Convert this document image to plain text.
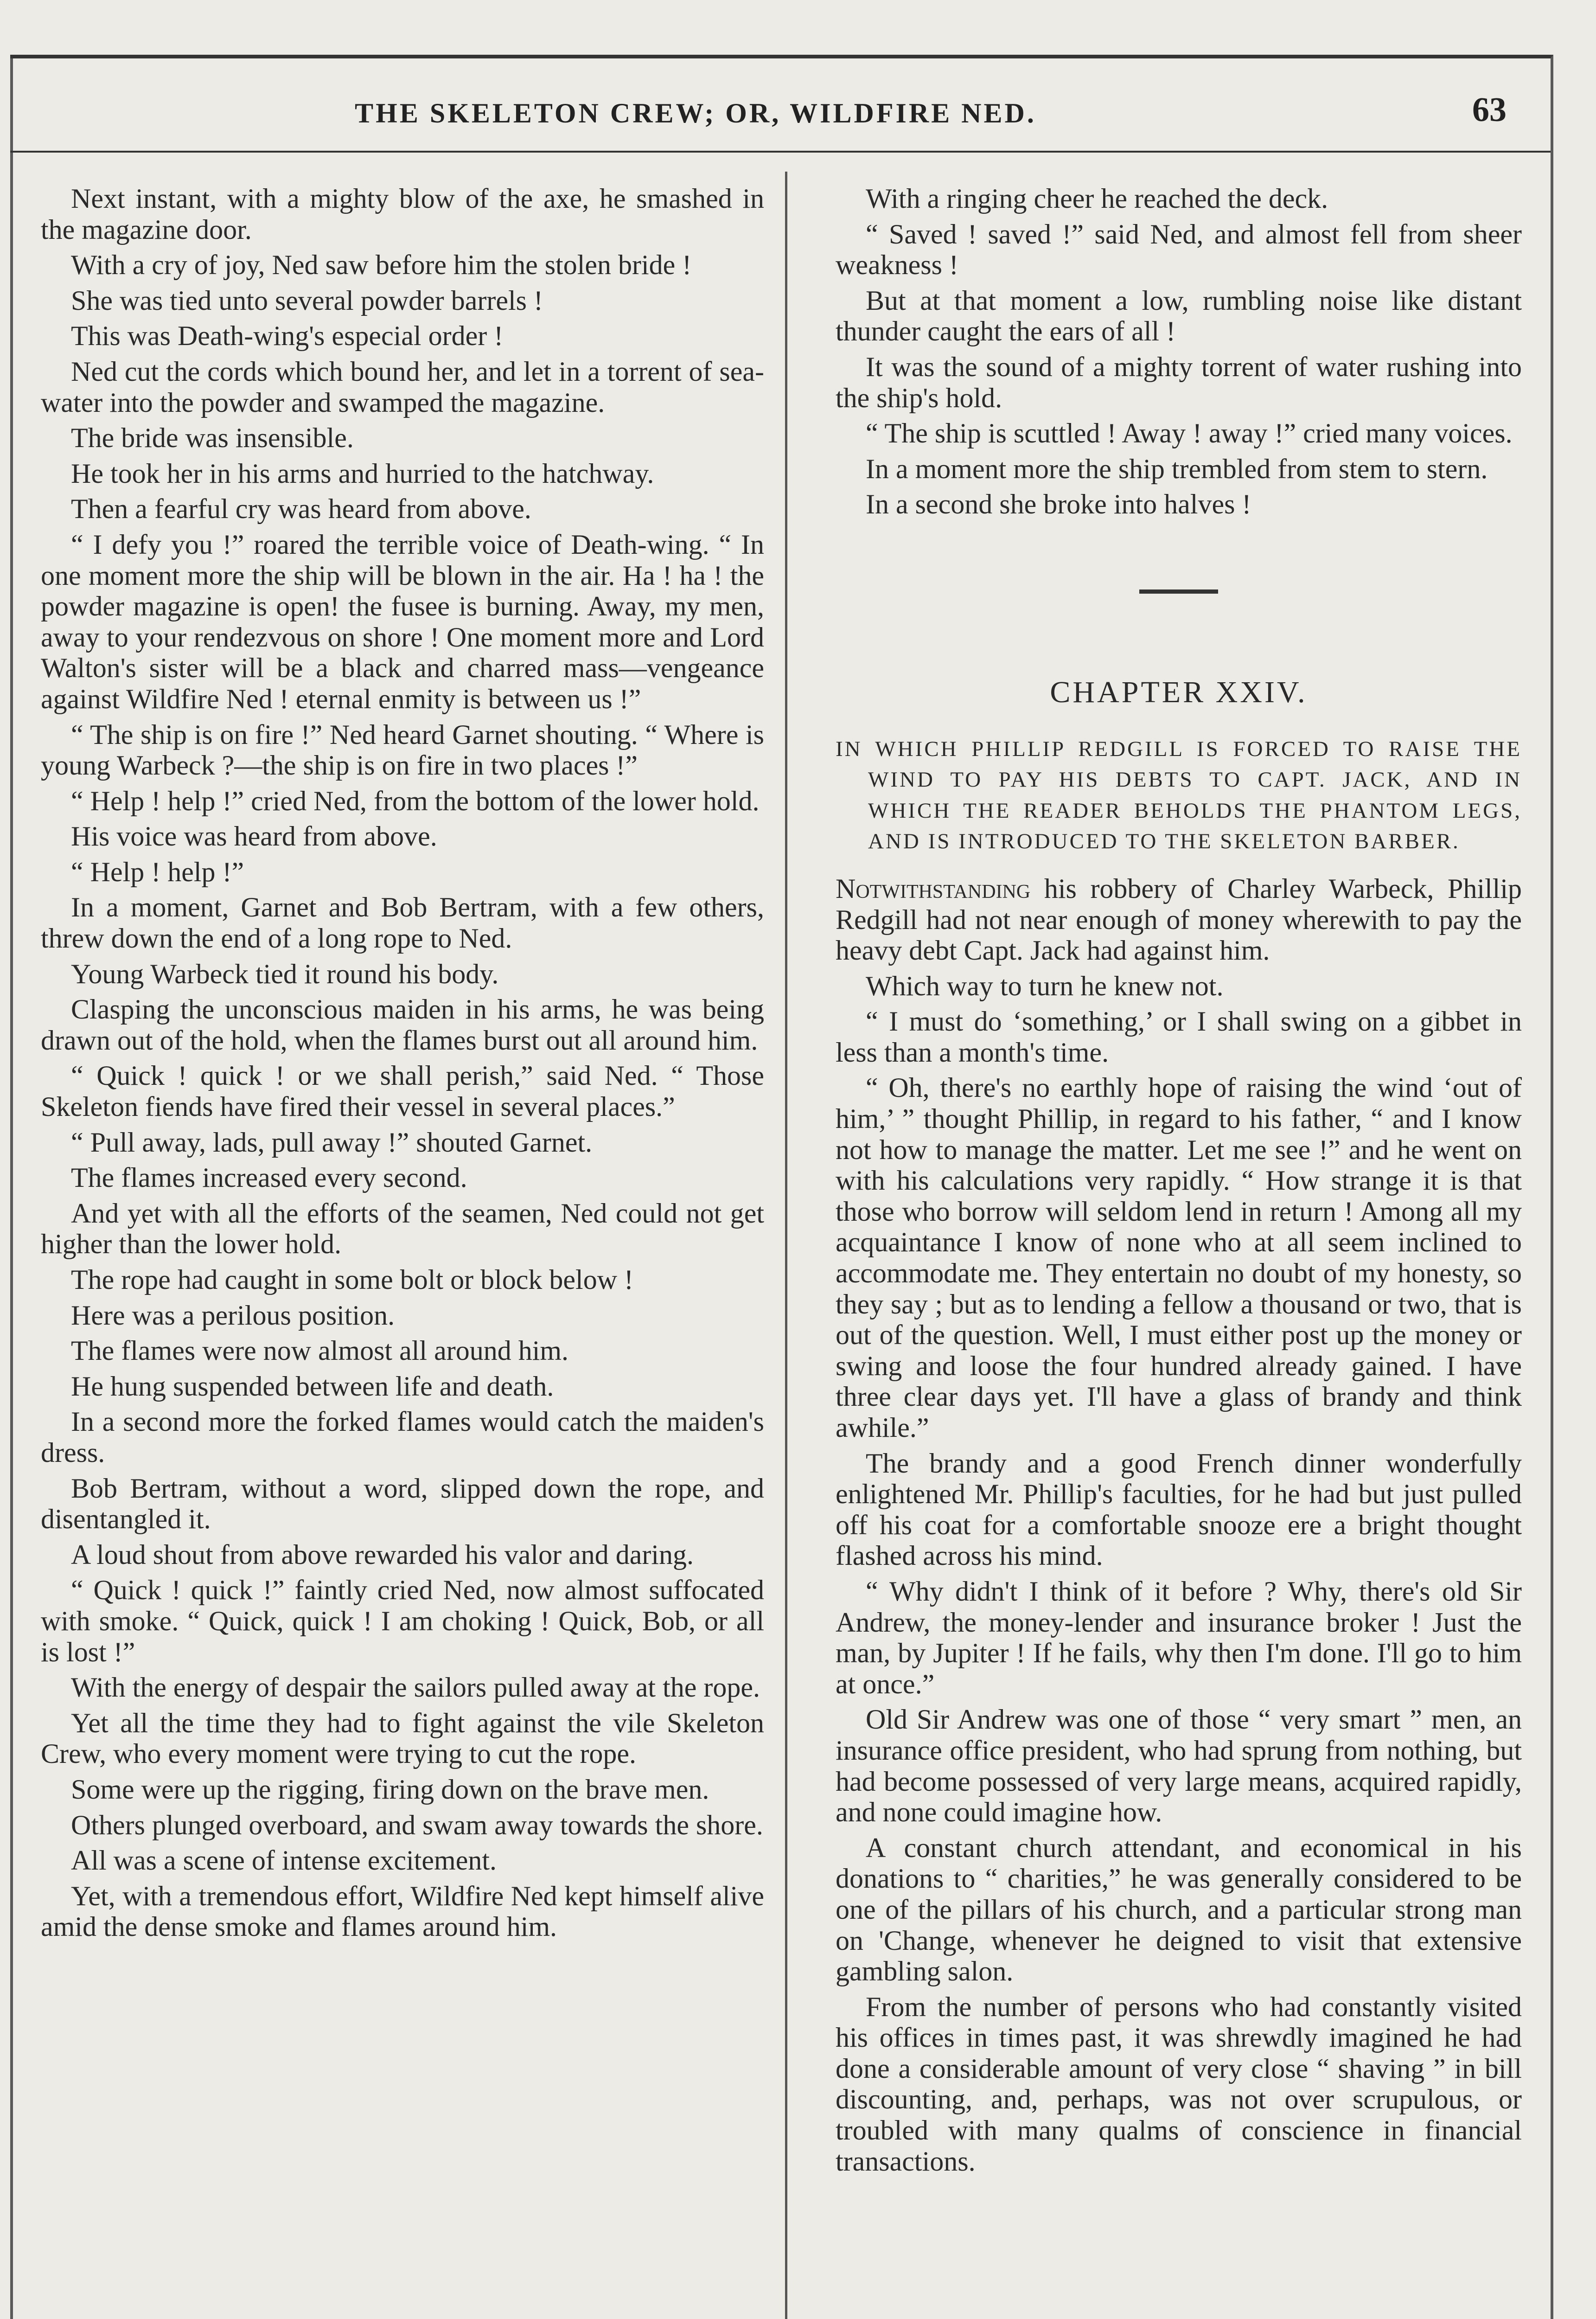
THE SKELETON CREW; OR, WILDFIRE NED.	63

Next instant, with a mighty blow of the axe, he smashed in the magazine door.

With a cry of joy, Ned saw before him the stolen bride !

She was tied unto several powder barrels !

This was Death-wing's especial order !

Ned cut the cords which bound her, and let in a torrent of sea-water into the powder and swamped the magazine.

The bride was insensible.

He took her in his arms and hurried to the hatchway.

Then a fearful cry was heard from above.

“ I defy you !” roared the terrible voice of Death-wing. “ In one moment more the ship will be blown in the air. Ha ! ha ! the powder magazine is open! the fusee is burning. Away, my men, away to your rendezvous on shore ! One moment more and Lord Walton's sister will be a black and charred mass—vengeance against Wildfire Ned ! eternal enmity is between us !”

“ The ship is on fire !” Ned heard Garnet shouting. “ Where is young Warbeck ?—the ship is on fire in two places !”

“ Help ! help !” cried Ned, from the bottom of the lower hold.

His voice was heard from above.

“ Help ! help !”

In a moment, Garnet and Bob Bertram, with a few others, threw down the end of a long rope to Ned.

Young Warbeck tied it round his body.

Clasping the unconscious maiden in his arms, he was being drawn out of the hold, when the flames burst out all around him.

“ Quick ! quick ! or we shall perish,” said Ned. “ Those Skeleton fiends have fired their vessel in several places.”

“ Pull away, lads, pull away !” shouted Garnet.

The flames increased every second.

And yet with all the efforts of the seamen, Ned could not get higher than the lower hold.

The rope had caught in some bolt or block below !

Here was a perilous position.

The flames were now almost all around him.

He hung suspended between life and death.

In a second more the forked flames would catch the maiden's dress.

Bob Bertram, without a word, slipped down the rope, and disentangled it.

A loud shout from above rewarded his valor and daring.

“ Quick ! quick !” faintly cried Ned, now almost suffocated with smoke. “ Quick, quick ! I am choking ! Quick, Bob, or all is lost !”

With the energy of despair the sailors pulled away at the rope.

Yet all the time they had to fight against the vile Skeleton Crew, who every moment were trying to cut the rope.

Some were up the rigging, firing down on the brave men.

Others plunged overboard, and swam away towards the shore.

All was a scene of intense excitement.

Yet, with a tremendous effort, Wildfire Ned kept himself alive amid the dense smoke and flames around him.

With a ringing cheer he reached the deck.

“ Saved ! saved !” said Ned, and almost fell from sheer weakness !

But at that moment a low, rumbling noise like distant thunder caught the ears of all !

It was the sound of a mighty torrent of water rushing into the ship's hold.

“ The ship is scuttled ! Away ! away !” cried many voices.

In a moment more the ship trembled from stem to stern.

In a second she broke into halves !

CHAPTER XXIV.
IN WHICH PHILLIP REDGILL IS FORCED TO RAISE THE WIND TO PAY HIS DEBTS TO CAPT. JACK, AND IN WHICH THE READER BEHOLDS THE PHANTOM LEGS, AND IS INTRODUCED TO THE SKELETON BARBER.

Notwithstanding his robbery of Charley Warbeck, Phillip Redgill had not near enough of money wherewith to pay the heavy debt Capt. Jack had against him.

Which way to turn he knew not.

“ I must do ‘something,’ or I shall swing on a gibbet in less than a month's time.

“ Oh, there's no earthly hope of raising the wind ‘out of him,’ ” thought Phillip, in regard to his father, “ and I know not how to manage the matter. Let me see !” and he went on with his calculations very rapidly. “ How strange it is that those who borrow will seldom lend in return ! Among all my acquaintance I know of none who at all seem inclined to accommodate me. They entertain no doubt of my honesty, so they say ; but as to lending a fellow a thousand or two, that is out of the question. Well, I must either post up the money or swing and loose the four hundred already gained. I have three clear days yet. I'll have a glass of brandy and think awhile.”

The brandy and a good French dinner wonderfully enlightened Mr. Phillip's faculties, for he had but just pulled off his coat for a comfortable snooze ere a bright thought flashed across his mind.

“ Why didn't I think of it before ? Why, there's old Sir Andrew, the money-lender and insurance broker ! Just the man, by Jupiter ! If he fails, why then I'm done. I'll go to him at once.”

Old Sir Andrew was one of those “ very smart ” men, an insurance office president, who had sprung from nothing, but had become possessed of very large means, acquired rapidly, and none could imagine how.

A constant church attendant, and economical in his donations to “ charities,” he was generally considered to be one of the pillars of his church, and a particular strong man on 'Change, whenever he deigned to visit that extensive gambling salon.

From the number of persons who had constantly visited his offices in times past, it was shrewdly imagined he had done a considerable amount of very close “ shaving ” in bill discounting, and, perhaps, was not over scrupulous, or troubled with many qualms of conscience in financial transactions.
